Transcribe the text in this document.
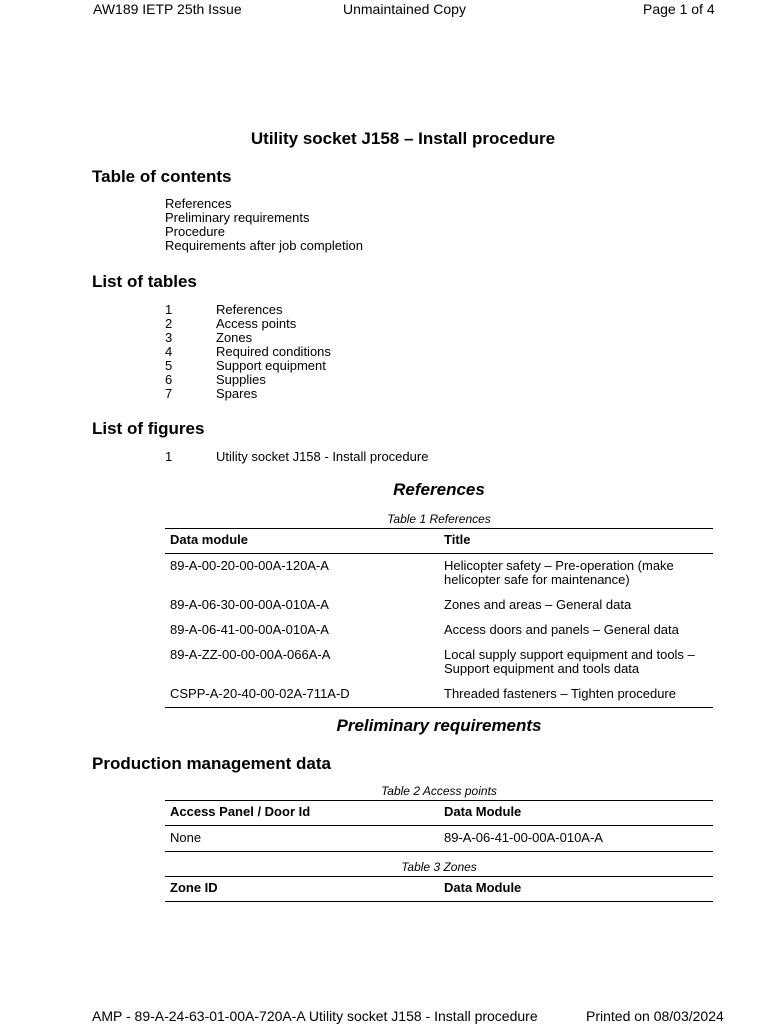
AW189 IETP 25th Issue	Unmaintained Copy	Page 1 of 4
Utility socket J158 – Install procedure
Table of contents
References
Preliminary requirements
Procedure
Requirements after job completion
List of tables
1	References
2	Access points
3	Zones
4	Required conditions
5	Support equipment
6	Supplies
7	Spares
List of figures
1	Utility socket J158 - Install procedure
References
Table 1 References
Data module	Title
89-A-00-20-00-00A-120A-A	Helicopter safety – Pre-operation (make helicopter safe for maintenance)
89-A-06-30-00-00A-010A-A	Zones and areas – General data
89-A-06-41-00-00A-010A-A	Access doors and panels – General data
89-A-ZZ-00-00-00A-066A-A	Local supply support equipment and tools – Support equipment and tools data
CSPP-A-20-40-00-02A-711A-D	Threaded fasteners – Tighten procedure
Preliminary requirements
Production management data
Table 2 Access points
Access Panel / Door Id	Data Module
None	89-A-06-41-00-00A-010A-A
Table 3 Zones
Zone ID	Data Module
AMP - 89-A-24-63-01-00A-720A-A Utility socket J158 - Install procedure	Printed on 08/03/2024
